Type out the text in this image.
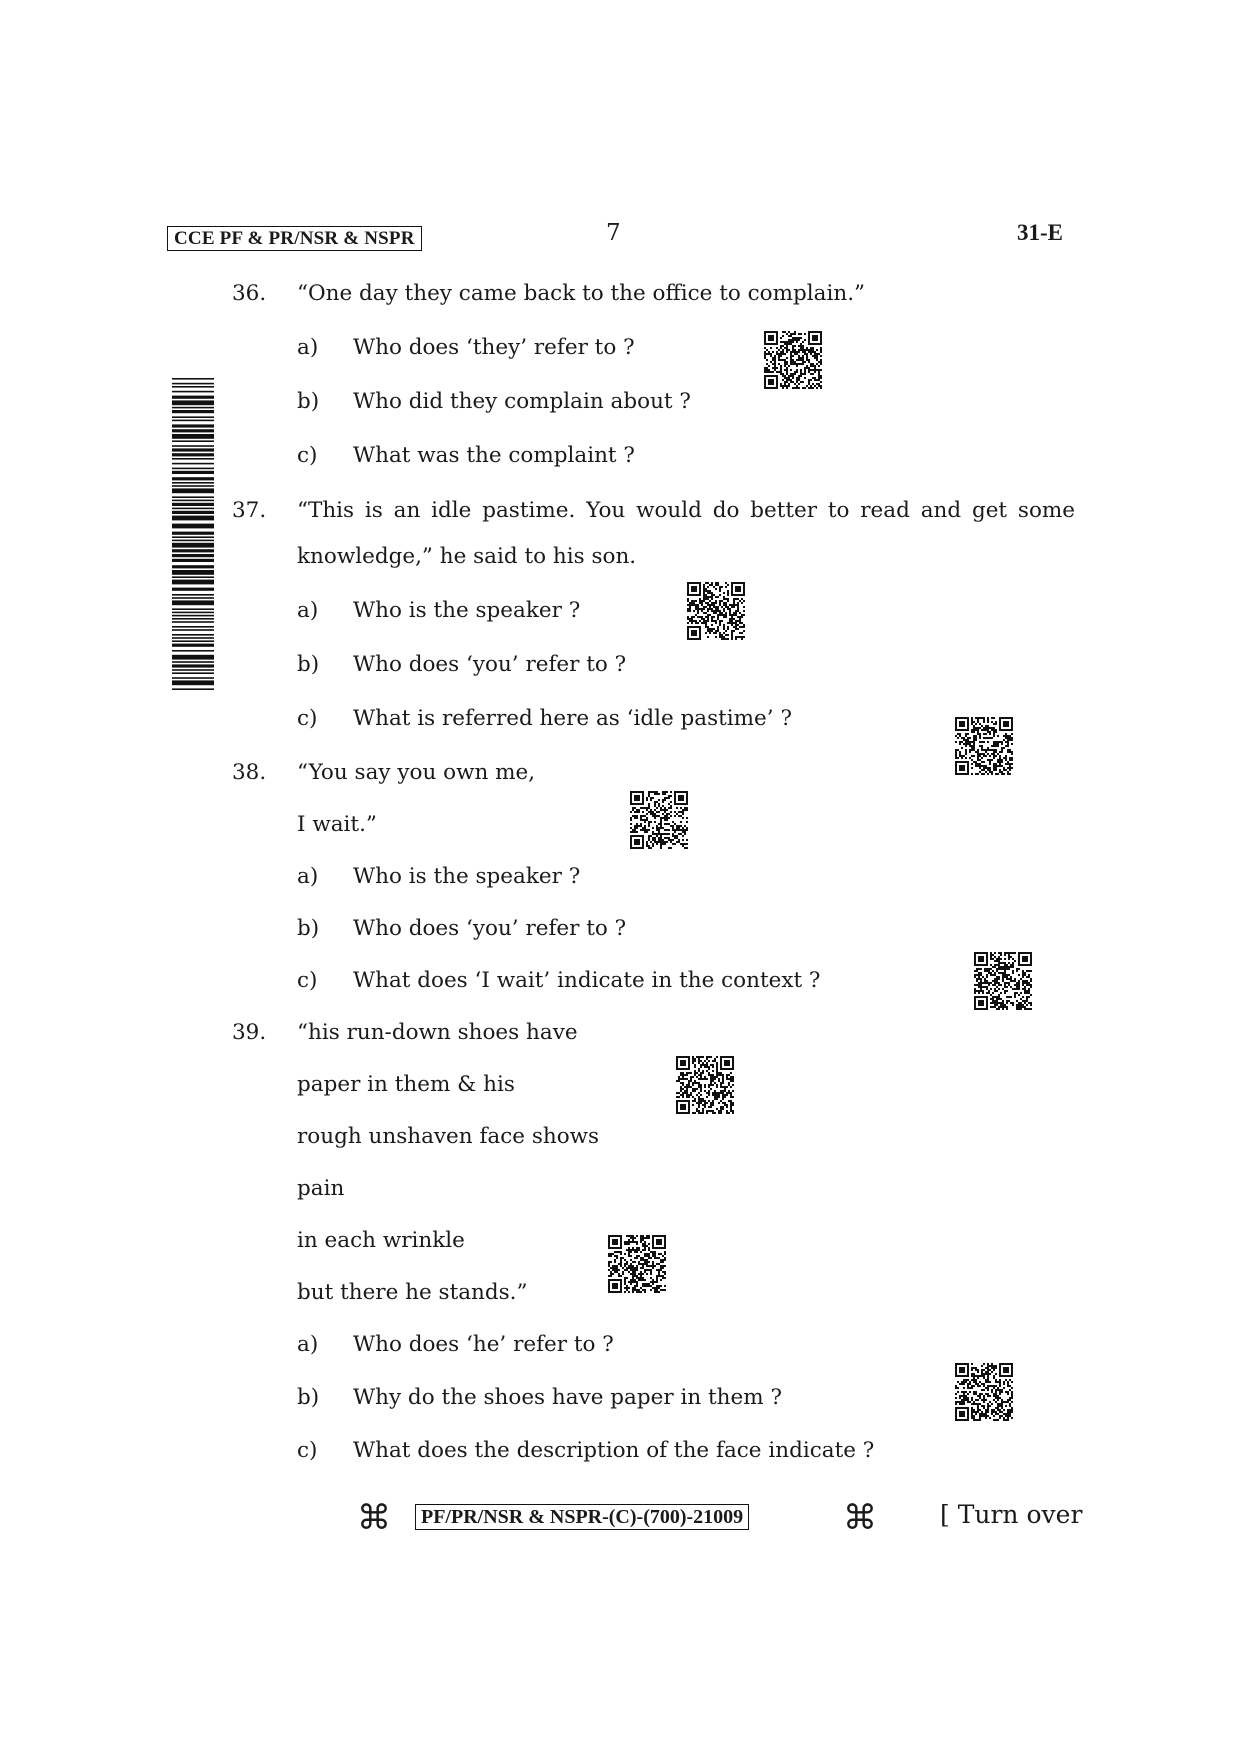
CCE PF & PR/NSR & NSPR	7	31-E
36. “One day they came back to the office to complain.”
a) Who does ‘they’ refer to ?
b) Who did they complain about ?
c) What was the complaint ?
37. “This is an idle pastime. You would do better to read and get some
knowledge,” he said to his son.
a) Who is the speaker ?
b) Who does ‘you’ refer to ?
c) What is referred here as ‘idle pastime’ ?
38. “You say you own me,
I wait.”
a) Who is the speaker ?
b) Who does ‘you’ refer to ?
c) What does ‘I wait’ indicate in the context ?
39. “his run-down shoes have
paper in them & his
rough unshaven face shows
pain
in each wrinkle
but there he stands.”
a) Who does ‘he’ refer to ?
b) Why do the shoes have paper in them ?
c) What does the description of the face indicate ?
⌘	PF/PR/NSR & NSPR-(C)-(700)-21009	⌘	[ Turn over
